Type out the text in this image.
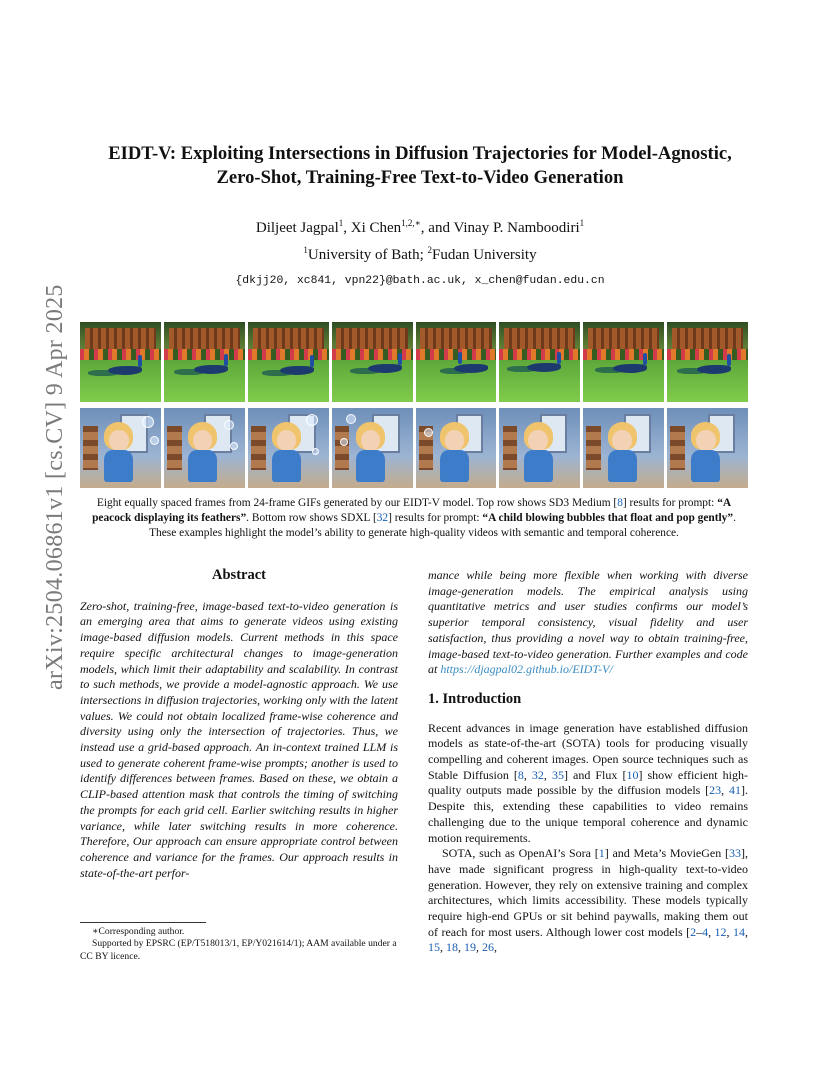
arXiv:2504.06861v1 [cs.CV] 9 Apr 2025
EIDT-V: Exploiting Intersections in Diffusion Trajectories for Model-Agnostic,
Zero-Shot, Training-Free Text-to-Video Generation
Diljeet Jagpal$^1$, Xi Chen$^{1,2,∗}$, and Vinay P. Namboodiri$^1$
$^1$University of Bath; $^2$Fudan University
{dkjj20, xc841, vpn22}@bath.ac.uk, x_chen@fudan.edu.cn
Eight equally spaced frames from 24-frame GIFs generated by our EIDT-V model. Top row shows SD3 Medium [8] results for prompt: “A peacock displaying its feathers”. Bottom row shows SDXL [32] results for prompt: “A child blowing bubbles that float and pop gently”. These examples highlight the model’s ability to generate high-quality videos with semantic and temporal coherence.
Abstract
Zero-shot, training-free, image-based text-to-video generation is an emerging area that aims to generate videos using existing image-based diffusion models. Current methods in this space require specific architectural changes to image-generation models, which limit their adaptability and scalability. In contrast to such methods, we provide a model-agnostic approach. We use intersections in diffusion trajectories, working only with the latent values. We could not obtain localized frame-wise coherence and diversity using only the intersection of trajectories. Thus, we instead use a grid-based approach. An in-context trained LLM is used to generate coherent frame-wise prompts; another is used to identify differences between frames. Based on these, we obtain a CLIP-based attention mask that controls the timing of switching the prompts for each grid cell. Earlier switching results in higher variance, while later switching results in more coherence. Therefore, Our approach can ensure appropriate control between coherence and variance for the frames. Our approach results in state-of-the-art perfor-
mance while being more flexible when working with diverse image-generation models. The empirical analysis using quantitative metrics and user studies confirms our model’s superior temporal consistency, visual fidelity and user satisfaction, thus providing a novel way to obtain training-free, image-based text-to-video generation. Further examples and code at https://djagpal02.github.io/EIDT-V/
1. Introduction
Recent advances in image generation have established diffusion models as state-of-the-art (SOTA) tools for producing visually compelling and coherent images. Open source techniques such as Stable Diffusion [8, 32, 35] and Flux [10] show efficient high-quality outputs made possible by the diffusion models [23, 41]. Despite this, extending these capabilities to video remains challenging due to the unique temporal coherence and dynamic motion requirements.
SOTA, such as OpenAI’s Sora [1] and Meta’s MovieGen [33], have made significant progress in high-quality text-to-video generation. However, they rely on extensive training and complex architectures, which limits accessibility. These models typically require high-end GPUs or sit behind paywalls, making them out of reach for most users. Although lower cost models [2–4, 12, 14, 15, 18, 19, 26,

∗Corresponding author.

Supported by EPSRC (EP/T518013/1, EP/Y021614/1); AAM available under a CC BY licence.
